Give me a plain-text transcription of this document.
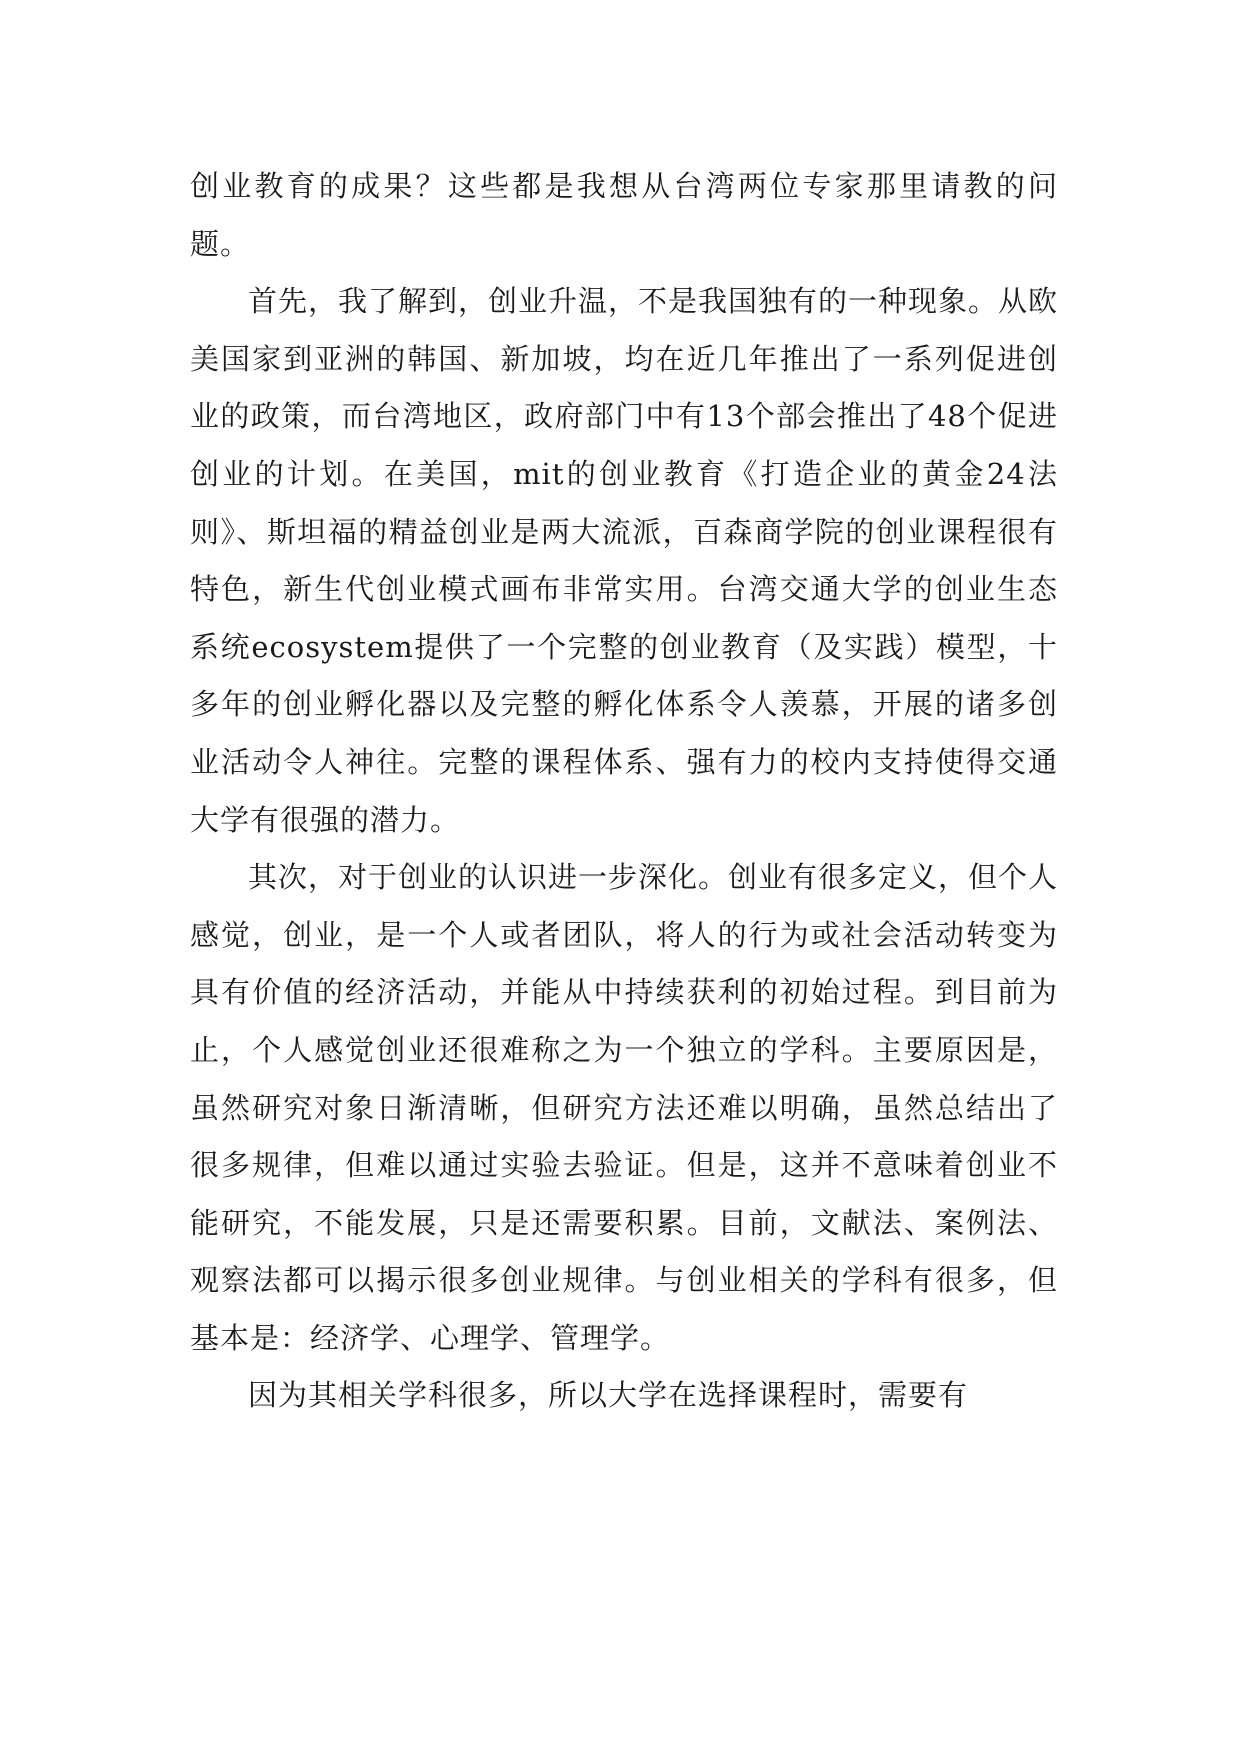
创业教育的成果？这些都是我想从台湾两位专家那里请教的问题。

首先，我了解到，创业升温，不是我国独有的一种现象。从欧美国家到亚洲的韩国、新加坡，均在近几年推出了一系列促进创业的政策，而台湾地区，政府部门中有13个部会推出了48个促进创业的计划。在美国，mit的创业教育《打造企业的黄金24法则》、斯坦福的精益创业是两大流派，百森商学院的创业课程很有特色，新生代创业模式画布非常实用。台湾交通大学的创业生态系统ecosystem提供了一个完整的创业教育（及实践）模型，十多年的创业孵化器以及完整的孵化体系令人羡慕，开展的诸多创业活动令人神往。完整的课程体系、强有力的校内支持使得交通大学有很强的潜力。

其次，对于创业的认识进一步深化。创业有很多定义，但个人感觉，创业，是一个人或者团队，将人的行为或社会活动转变为具有价值的经济活动，并能从中持续获利的初始过程。到目前为止，个人感觉创业还很难称之为一个独立的学科。主要原因是，虽然研究对象日渐清晰，但研究方法还难以明确，虽然总结出了很多规律，但难以通过实验去验证。但是，这并不意味着创业不能研究，不能发展，只是还需要积累。目前，文献法、案例法、观察法都可以揭示很多创业规律。与创业相关的学科有很多，但基本是：经济学、心理学、管理学。

因为其相关学科很多，所以大学在选择课程时，需要有
